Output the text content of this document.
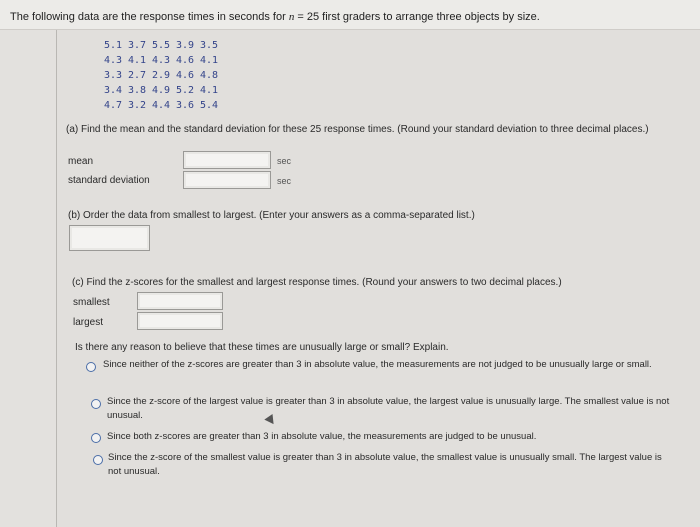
The following data are the response times in seconds for n = 25 first graders to arrange three objects by size.
5.1 3.7 5.5 3.9 3.5
4.3 4.1 4.3 4.6 4.1
3.3 2.7 2.9 4.6 4.8
3.4 3.8 4.9 5.2 4.1
4.7 3.2 4.4 3.6 5.4
(a) Find the mean and the standard deviation for these 25 response times. (Round your standard deviation to three decimal places.)
mean	sec
standard deviation	sec
(b) Order the data from smallest to largest. (Enter your answers as a comma-separated list.)
(c) Find the z-scores for the smallest and largest response times. (Round your answers to two decimal places.)
smallest
largest
Is there any reason to believe that these times are unusually large or small? Explain.
Since neither of the z-scores are greater than 3 in absolute value, the measurements are not judged to be unusually large or small.
Since the z-score of the largest value is greater than 3 in absolute value, the largest value is unusually large. The smallest value is not unusual.
Since both z-scores are greater than 3 in absolute value, the measurements are judged to be unusual.
Since the z-score of the smallest value is greater than 3 in absolute value, the smallest value is unusually small. The largest value is not unusual.
